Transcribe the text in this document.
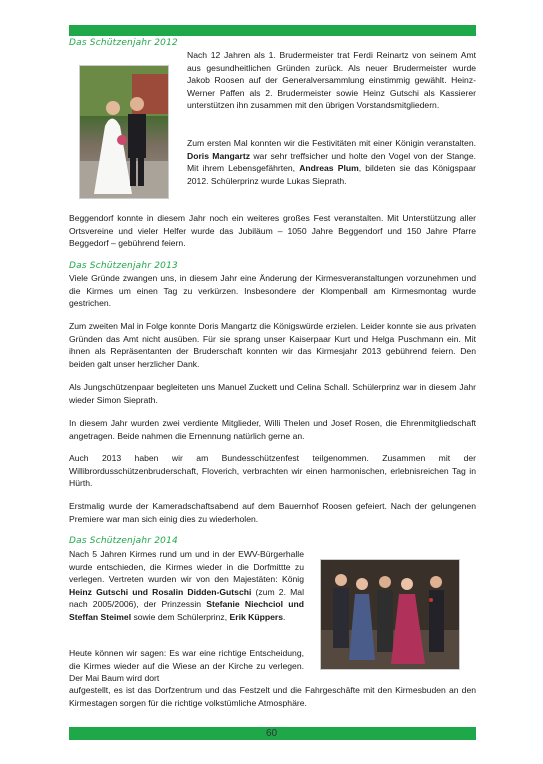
Das Schützenjahr 2012

Nach 12 Jahren als 1. Brudermeister trat Ferdi Reinartz von seinem Amt aus gesundheitlichen Gründen zurück. Als neuer Brudermeister wurde Jakob Roosen auf der Generalversammlung einstimmig gewählt. Heinz-Werner Paffen als 2. Brudermeister sowie Heinz Gutschi als Kassierer unterstützen ihn zusammen mit den übrigen Vorstandsmitgliedern.

Zum ersten Mal konnten wir die Festivitäten mit einer Königin veranstalten. Doris Mangartz war sehr treffsicher und holte den Vogel von der Stange. Mit ihrem Lebensgefährten, Andreas Plum, bildeten sie das Königspaar 2012. Schülerprinz wurde Lukas Sieprath.

Beggendorf konnte in diesem Jahr noch ein weiteres großes Fest veranstalten. Mit Unterstützung aller Ortsvereine und vieler Helfer wurde das Jubiläum – 1050 Jahre Beggendorf und 150 Jahre Pfarre Beggedorf – gebührend feiern.

Das Schützenjahr 2013

Viele Gründe zwangen uns, in diesem Jahr eine Änderung der Kirmesveranstaltungen vorzunehmen und die Kirmes um einen Tag zu verkürzen. Insbesondere der Klompenball am Kirmesmontag wurde gestrichen.

Zum zweiten Mal in Folge konnte Doris Mangartz die Königswürde erzielen. Leider konnte sie aus privaten Gründen das Amt nicht ausüben. Für sie sprang unser Kaiserpaar Kurt und Helga Puschmann ein. Mit ihnen als Repräsentanten der Bruderschaft konnten wir das Kirmesjahr 2013 gebührend feiern. Den beiden galt unser herzlicher Dank.

Als Jungschützenpaar begleiteten uns Manuel Zuckett und Celina Schall. Schülerprinz war in diesem Jahr wieder Simon Sieprath.

In diesem Jahr wurden zwei verdiente Mitglieder, Willi Thelen und Josef Rosen, die Ehrenmitgliedschaft angetragen. Beide nahmen die Ernennung natürlich gerne an.

Auch 2013 haben wir am Bundesschützenfest teilgenommen. Zusammen mit der Willibrordusschützenbruderschaft, Floverich, verbrachten wir einen harmonischen, erlebnisreichen Tag in Hürth.

Erstmalig wurde der Kameradschaftsabend auf dem Bauernhof Roosen gefeiert. Nach der gelungenen Premiere war man sich einig dies zu wiederholen.

Das Schützenjahr 2014

Nach 5 Jahren Kirmes rund um und in der EWV-Bürgerhalle wurde entschieden, die Kirmes wieder in die Dorfmittte zu verlegen. Vertreten wurden wir von den Majestäten: König Heinz Gutschi und Rosalin Didden-Gutschi (zum 2. Mal nach 2005/2006), der Prinzessin Stefanie Niechciol und Steffan Steimel sowie dem Schülerprinz, Erik Küppers.

Heute können wir sagen: Es war eine richtige Entscheidung, die Kirmes wieder auf die Wiese an der Kirche zu verlegen. Der Mai Baum wird dort

aufgestellt, es ist das Dorfzentrum und das Festzelt und die Fahrgeschäfte mit den Kirmesbuden an den Kirmestagen sorgen für die richtige volkstümliche Atmosphäre.

60
